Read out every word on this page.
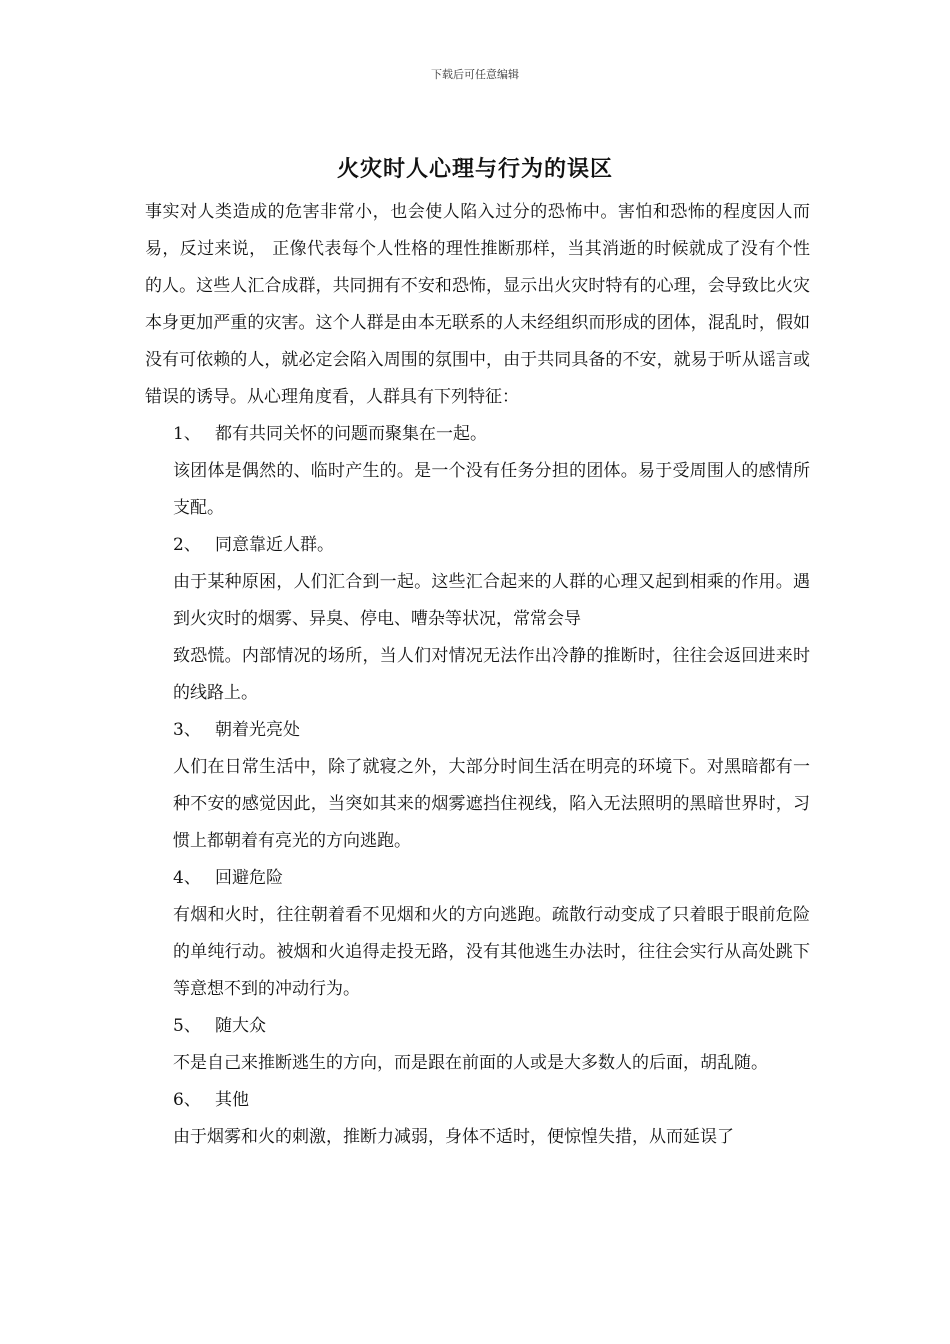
下载后可任意编辑
火灾时人心理与行为的误区

事实对人类造成的危害非常小，也会使人陷入过分的恐怖中。害怕和恐怖的程度因人而易，反过来说， 正像代表每个人性格的理性推断那样，当其消逝的时候就成了没有个性的人。这些人汇合成群，共同拥有不安和恐怖，显示出火灾时特有的心理，会导致比火灾本身更加严重的灾害。这个人群是由本无联系的人未经组织而形成的团体，混乱时，假如没有可依赖的人，就必定会陷入周围的氛围中，由于共同具备的不安，就易于听从谣言或错误的诱导。从心理角度看，人群具有下列特征：

1、 都有共同关怀的问题而聚集在一起。

该团体是偶然的、临时产生的。是一个没有任务分担的团体。易于受周围人的感情所支配。

2、 同意靠近人群。

由于某种原困，人们汇合到一起。这些汇合起来的人群的心理又起到相乘的作用。遇到火灾时的烟雾、异臭、停电、嘈杂等状况，常常会导

致恐慌。内部情况的场所，当人们对情况无法作出冷静的推断时，往往会返回进来时的线路上。

3、 朝着光亮处

人们在日常生活中，除了就寝之外，大部分时间生活在明亮的环境下。对黑暗都有一种不安的感觉因此，当突如其来的烟雾遮挡住视线，陷入无法照明的黑暗世界时，习惯上都朝着有亮光的方向逃跑。

4、 回避危险

有烟和火时，往往朝着看不见烟和火的方向逃跑。疏散行动变成了只着眼于眼前危险的单纯行动。被烟和火追得走投无路，没有其他逃生办法时，往往会实行从高处跳下等意想不到的冲动行为。

5、 随大众

不是自己来推断逃生的方向，而是跟在前面的人或是大多数人的后面，胡乱随。

6、 其他

由于烟雾和火的刺激，推断力减弱，身体不适时，便惊惶失措，从而延误了
